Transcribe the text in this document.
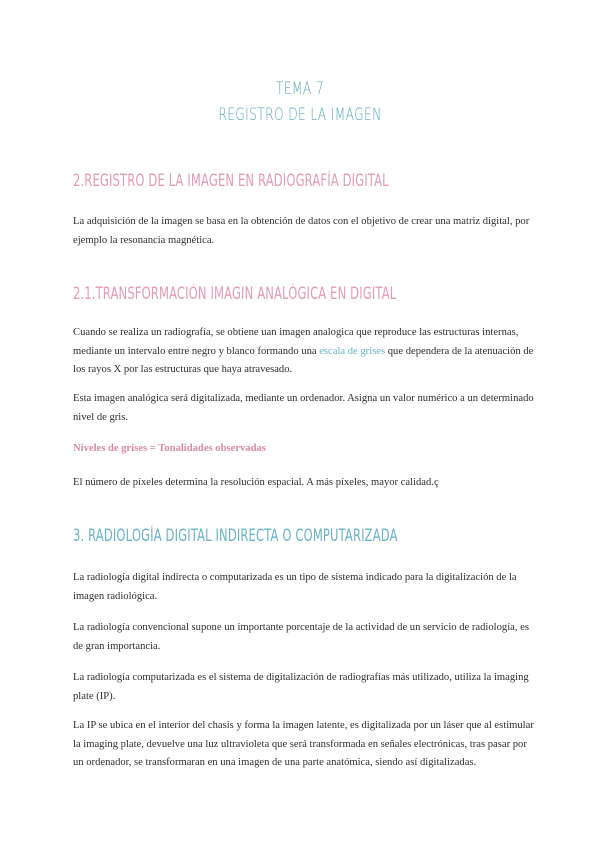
TEMA 7
REGISTRO DE LA IMAGEN
2.REGISTRO DE LA IMAGEN EN RADIOGRAFÍA DIGITAL

La adquisición de la imagen se basa en la obtención de datos con el objetivo de crear una matriz digital, por ejemplo la resonancia magnética.

2.1.TRANSFORMACIÓN IMAGIN ANALÓGICA EN DIGITAL

Cuando se realiza un radiografía, se obtiene uan imagen analogica que reproduce las estructuras internas, mediante un intervalo entre negro y blanco formando una escala de grises que dependera de la atenuación de los rayos X por las estructuras que haya atravesado.

Esta imagen analógica será digitalizada, mediante un ordenador. Asigna un valor numérico a un determinado nivel de gris.

Niveles de grises = Tonalidades observadas

El número de píxeles determina la resolución espacial. A más píxeles, mayor calidad.ç

3. RADIOLOGÍA DIGITAL INDIRECTA O COMPUTARIZADA

La radiología digital indirecta o computarizada es un tipo de sistema indicado para la digitalización de la imagen radiológica.

La radiología convencional supone un importante porcentaje de la actividad de un servicio de radiología, es de gran importancia.

La radiología computarizada es el sistema de digitalización de radiografías más utilizado, utiliza la imaging plate (IP).

La IP se ubica en el interior del chasis y forma la imagen latente, es digitalizada por un láser que al estimular la imaging plate, devuelve una luz ultravioleta que será transformada en señales electrónicas, tras pasar por un ordenador, se transformaran en una imagen de una parte anatómica, siendo así digitalizadas.
